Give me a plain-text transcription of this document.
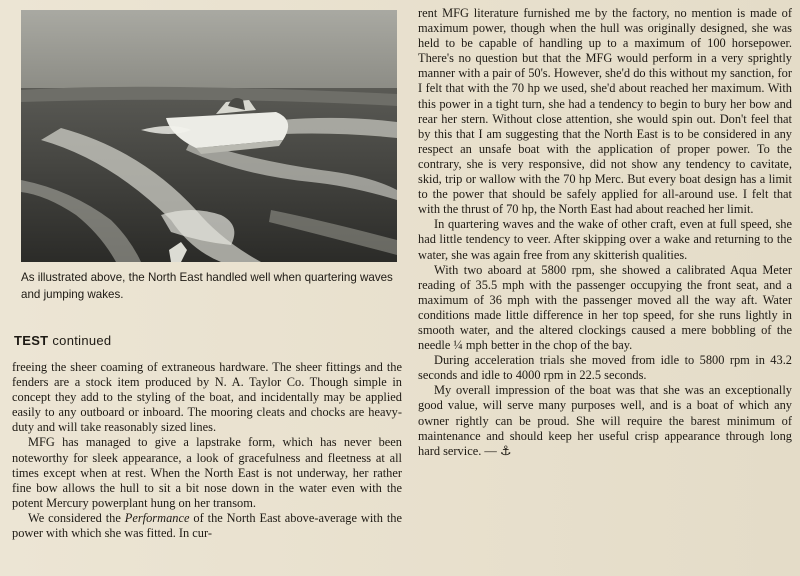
As illustrated above, the North East handled well when quartering waves and jumping wakes.
TEST continued

freeing the sheer coaming of extraneous hardware. The sheer fittings and the fenders are a stock item produced by N. A. Taylor Co. Though simple in concept they add to the styling of the boat, and incidentally may be applied easily to any outboard or inboard. The mooring cleats and chocks are heavy-duty and will take reasonably sized lines.

MFG has managed to give a lapstrake form, which has never been noteworthy for sleek appearance, a look of gracefulness and fleetness at all times except when at rest. When the North East is not underway, her rather fine bow allows the hull to sit a bit nose down in the water even with the potent Mercury powerplant hung on her transom.

We considered the Performance of the North East above-average with the power with which she was fitted. In cur-

rent MFG literature furnished me by the factory, no mention is made of maximum power, though when the hull was originally designed, she was held to be capable of handling up to a maximum of 100 horsepower. There's no question but that the MFG would perform in a very sprightly manner with a pair of 50's. However, she'd do this without my sanction, for I felt that with the 70 hp we used, she'd about reached her maximum. With this power in a tight turn, she had a tendency to begin to bury her bow and rear her stern. Without close attention, she would spin out. Don't feel that by this that I am suggesting that the North East is to be considered in any respect an unsafe boat with the application of proper power. To the contrary, she is very responsive, did not show any tendency to cavitate, skid, trip or wallow with the 70 hp Merc. But every boat design has a limit to the power that should be safely applied for all-around use. I felt that with the thrust of 70 hp, the North East had about reached her limit.

In quartering waves and the wake of other craft, even at full speed, she had little tendency to veer. After skipping over a wake and returning to the water, she was again free from any skitterish qualities.

With two aboard at 5800 rpm, she showed a calibrated Aqua Meter reading of 35.5 mph with the passenger occupying the front seat, and a maximum of 36 mph with the passenger moved all the way aft. Water conditions made little difference in her top speed, for she runs lightly in smooth water, and the altered clockings caused a mere bobbling of the needle ¼ mph better in the chop of the bay.

During acceleration trials she moved from idle to 5800 rpm in 43.2 seconds and idle to 4000 rpm in 22.5 seconds.

My overall impression of the boat was that she was an exceptionally good value, will serve many purposes well, and is a boat of which any owner rightly can be proud. She will require the barest minimum of maintenance and should keep her useful crisp appearance through long hard service. — ⚓
